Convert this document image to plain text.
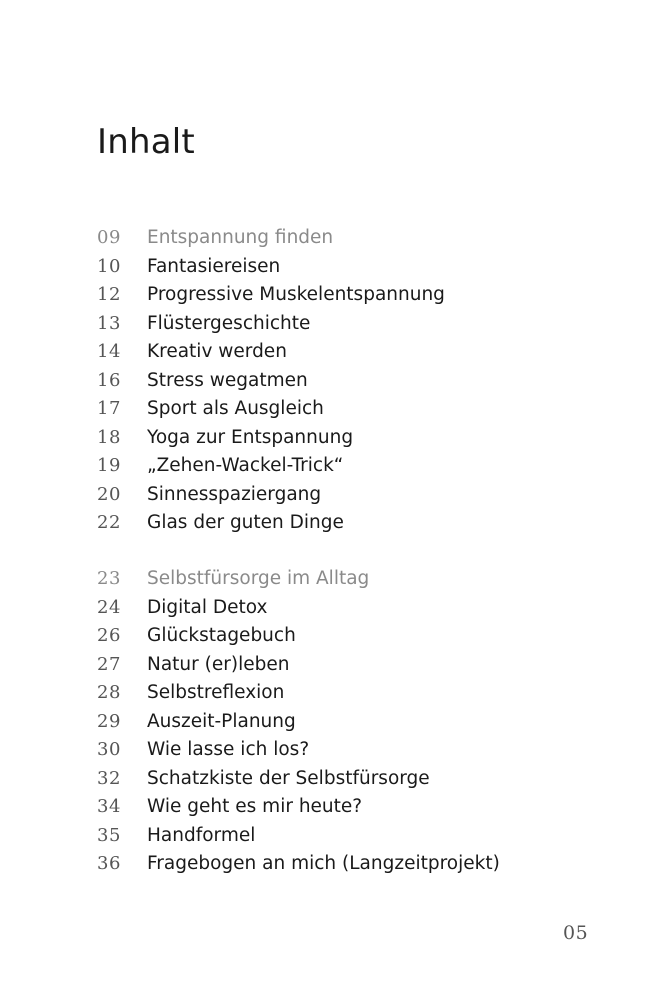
Inhalt
09	Entspannung finden
10	Fantasiereisen
12	Progressive Muskelentspannung
13	Flüstergeschichte
14	Kreativ werden
16	Stress wegatmen
17	Sport als Ausgleich
18	Yoga zur Entspannung
19	„Zehen-Wackel-Trick“
20	Sinnesspaziergang
22	Glas der guten Dinge
23	Selbstfürsorge im Alltag
24	Digital Detox
26	Glückstagebuch
27	Natur (er)leben
28	Selbstreflexion
29	Auszeit-Planung
30	Wie lasse ich los?
32	Schatzkiste der Selbstfürsorge
34	Wie geht es mir heute?
35	Handformel
36	Fragebogen an mich (Langzeitprojekt)
05
